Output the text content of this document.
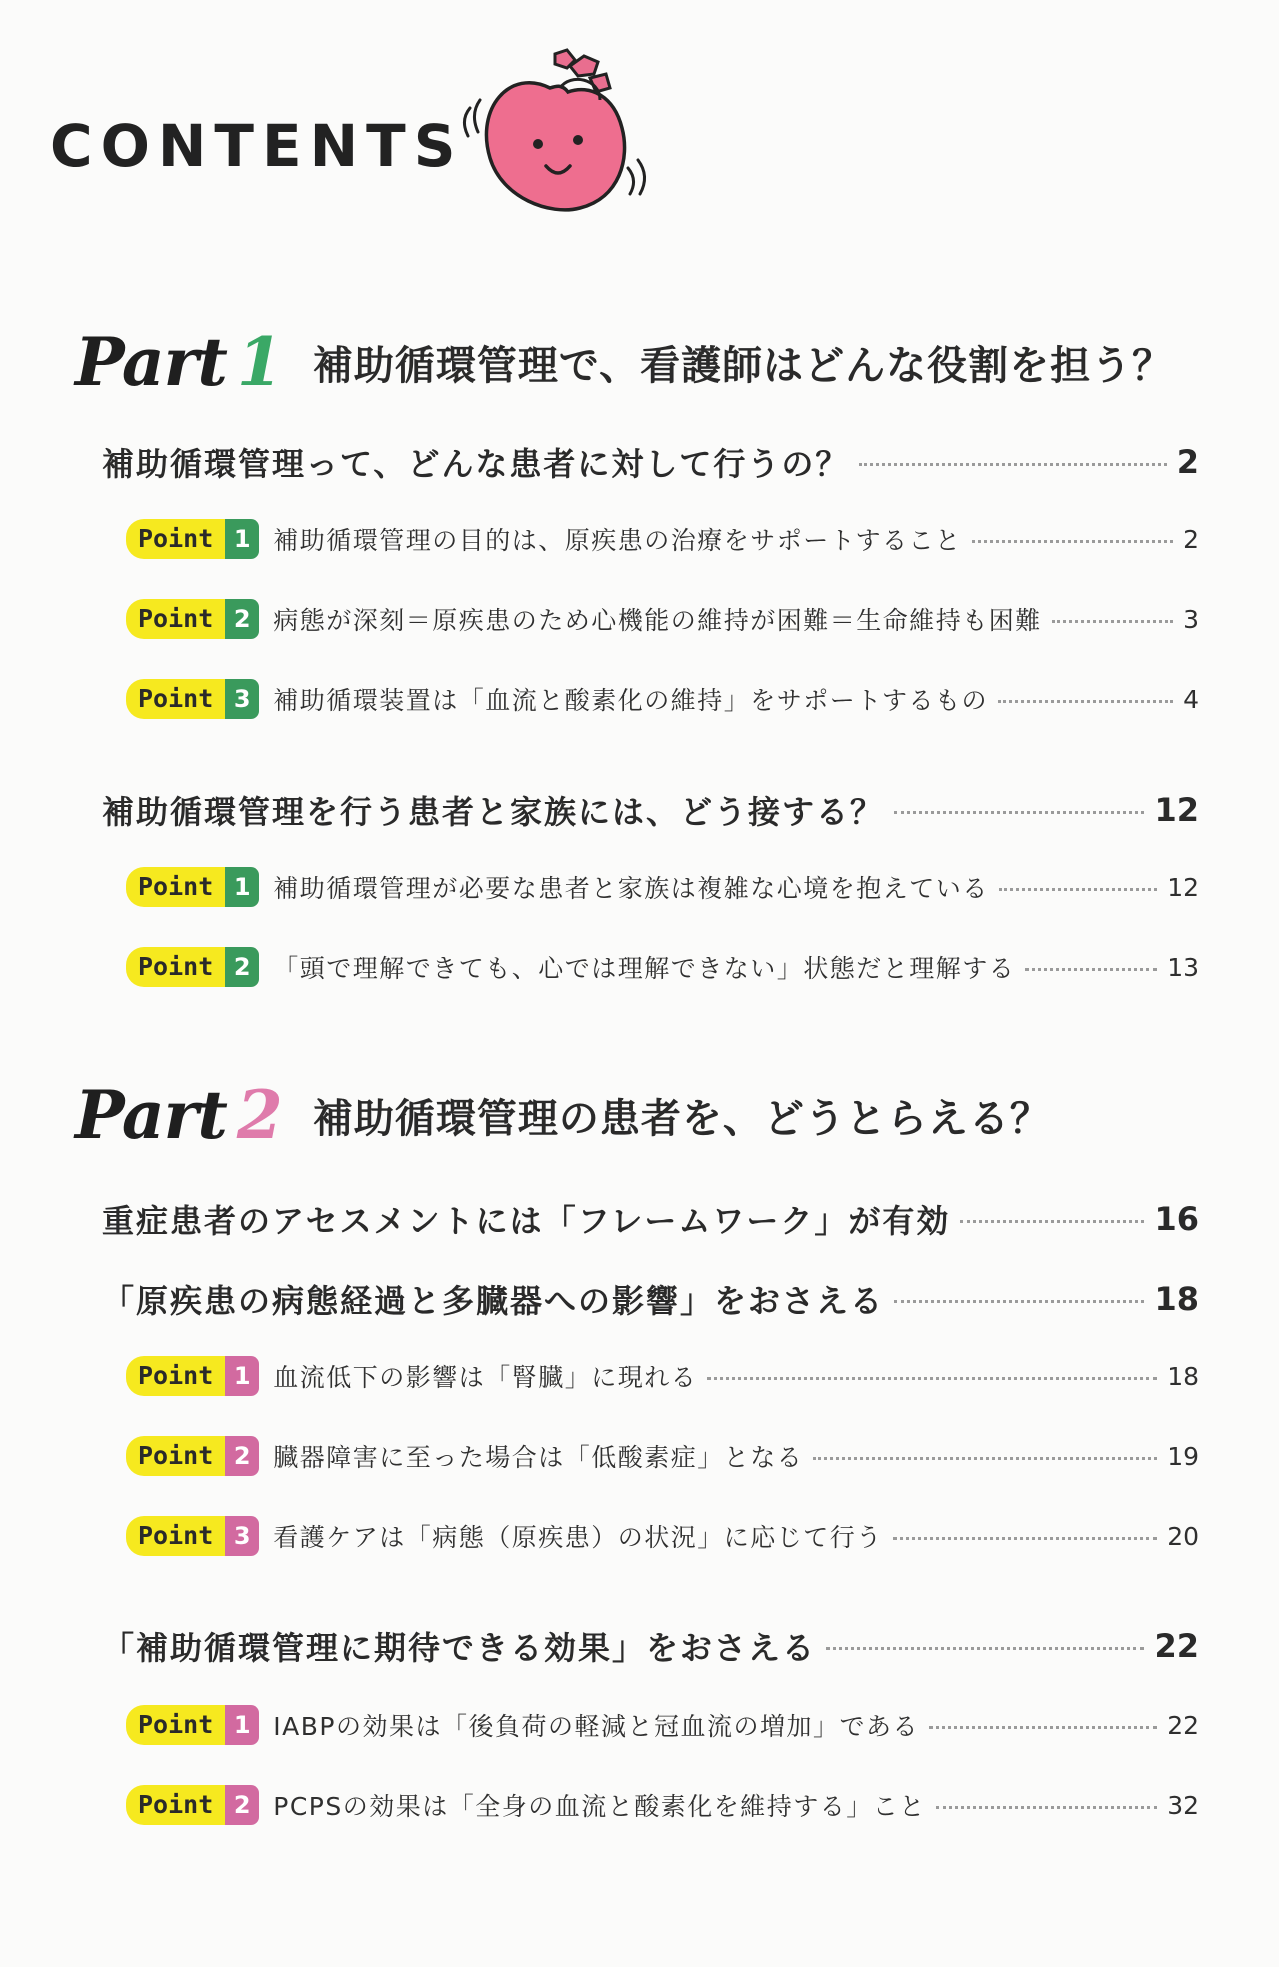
CONTENTS
Part 1 補助循環管理で、看護師はどんな役割を担う？
補助循環管理って、どんな患者に対して行うの？	2
Point 1 補助循環管理の目的は、原疾患の治療をサポートすること	2
Point 2 病態が深刻＝原疾患のため心機能の維持が困難＝生命維持も困難	3
Point 3 補助循環装置は「血流と酸素化の維持」をサポートするもの	4
補助循環管理を行う患者と家族には、どう接する？	12
Point 1 補助循環管理が必要な患者と家族は複雑な心境を抱えている	12
Point 2 「頭で理解できても、心では理解できない」状態だと理解する	13
Part 2 補助循環管理の患者を、どうとらえる？
重症患者のアセスメントには「フレームワーク」が有効	16
「原疾患の病態経過と多臓器への影響」をおさえる	18
Point 1 血流低下の影響は「腎臓」に現れる	18
Point 2 臓器障害に至った場合は「低酸素症」となる	19
Point 3 看護ケアは「病態（原疾患）の状況」に応じて行う	20
「補助循環管理に期待できる効果」をおさえる	22
Point 1 IABPの効果は「後負荷の軽減と冠血流の増加」である	22
Point 2 PCPSの効果は「全身の血流と酸素化を維持する」こと	32
